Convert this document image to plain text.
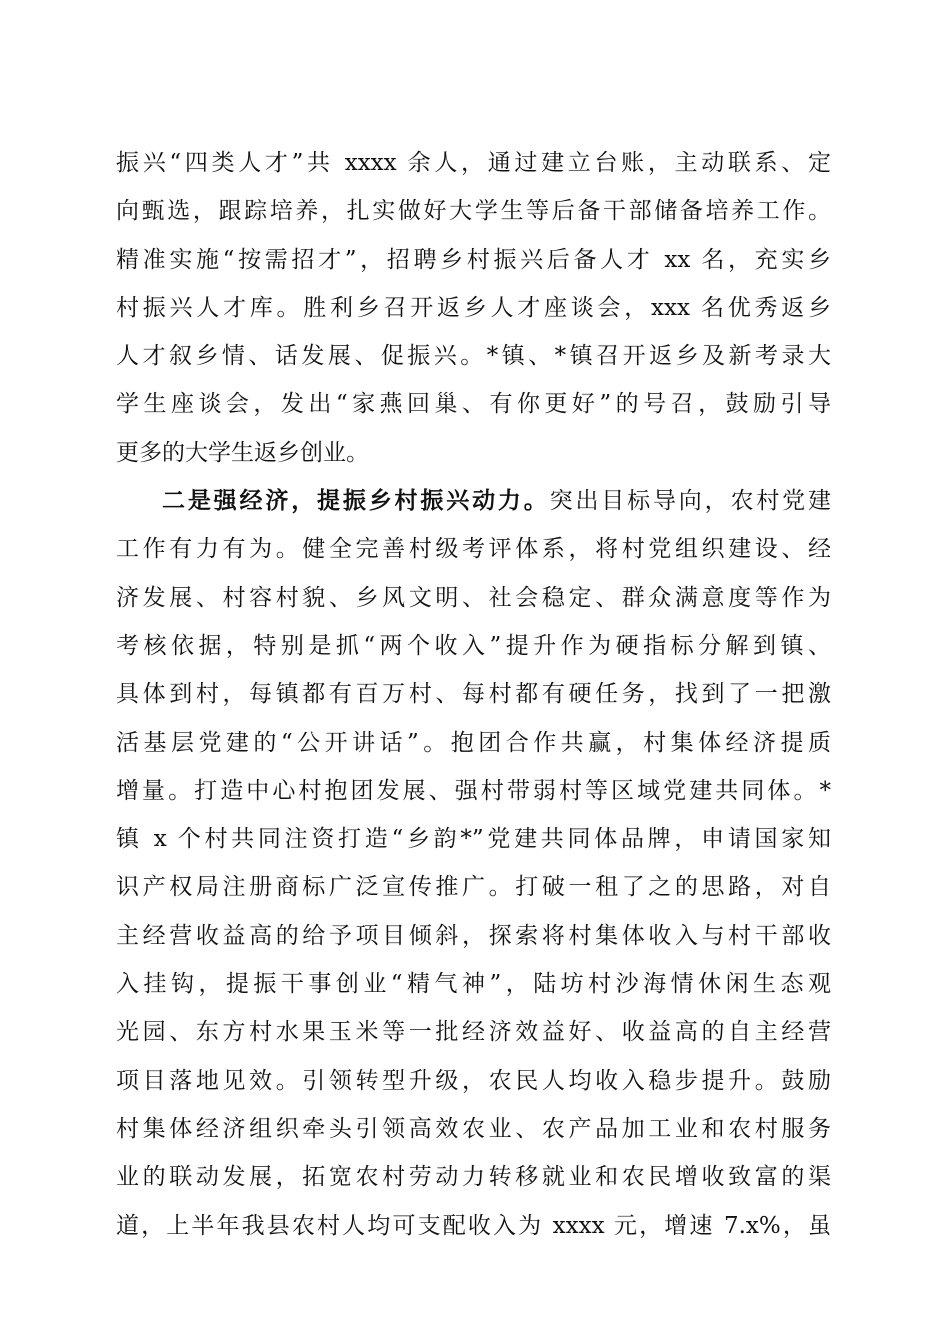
振兴“四类人才”共 xxxx 余人，通过建立台账，主动联系、定
向甄选，跟踪培养，扎实做好大学生等后备干部储备培养工作。
精准实施“按需招才”，招聘乡村振兴后备人才 xx 名，充实乡
村振兴人才库。胜利乡召开返乡人才座谈会，xxx 名优秀返乡
人才叙乡情、话发展、促振兴。*镇、*镇召开返乡及新考录大
学生座谈会，发出“家燕回巢、有你更好”的号召，鼓励引导
更多的大学生返乡创业。
二是强经济，提振乡村振兴动力。突出目标导向，农村党建
工作有力有为。健全完善村级考评体系，将村党组织建设、经
济发展、村容村貌、乡风文明、社会稳定、群众满意度等作为
考核依据，特别是抓“两个收入”提升作为硬指标分解到镇、
具体到村，每镇都有百万村、每村都有硬任务，找到了一把激
活基层党建的“公开讲话”。抱团合作共赢，村集体经济提质
增量。打造中心村抱团发展、强村带弱村等区域党建共同体。*
镇 x 个村共同注资打造“乡韵*”党建共同体品牌，申请国家知
识产权局注册商标广泛宣传推广。打破一租了之的思路，对自
主经营收益高的给予项目倾斜，探索将村集体收入与村干部收
入挂钩，提振干事创业“精气神”，陆坊村沙海情休闲生态观
光园、东方村水果玉米等一批经济效益好、收益高的自主经营
项目落地见效。引领转型升级，农民人均收入稳步提升。鼓励
村集体经济组织牵头引领高效农业、农产品加工业和农村服务
业的联动发展，拓宽农村劳动力转移就业和农民增收致富的渠
道，上半年我县农村人均可支配收入为 xxxx 元，增速 7.x%，虽
